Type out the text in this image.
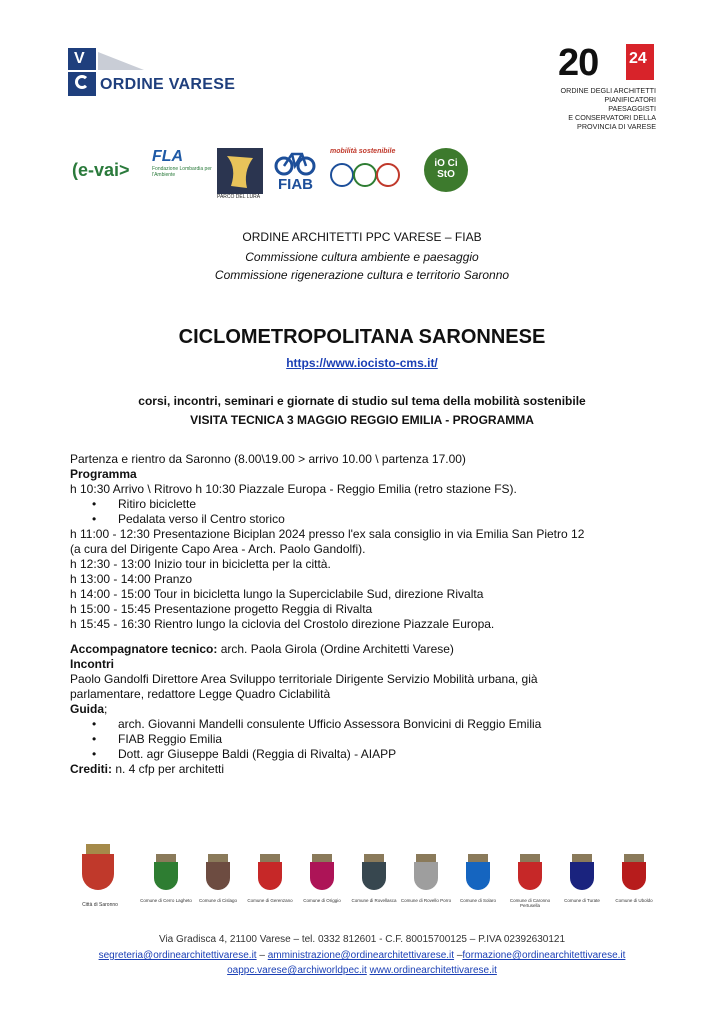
V
ORDINE VARESE
20 24
ORDINE DEGLI ARCHITETTI
PIANIFICATORI PAESAGGISTI
E CONSERVATORI DELLA
PROVINCIA DI VARESE
(e-vai>
FLA
Fondazione Lombardia per l'Ambiente
PARCO DEL LURA
FIAB
mobilità sostenibile
iO Ci StO
ORDINE ARCHITETTI PPC VARESE – FIAB
Commissione cultura ambiente e paesaggio
Commissione rigenerazione cultura e territorio Saronno
CICLOMETROPOLITANA SARONNESE
https://www.iocisto-cms.it/
corsi, incontri, seminari e giornate di studio sul tema della mobilità sostenibile
VISITA TECNICA 3 MAGGIO REGGIO EMILIA - PROGRAMMA

Partenza e rientro da Saronno (8.00\19.00 > arrivo 10.00 \ partenza 17.00)

Programma

h 10:30 Arrivo \ Ritrovo h 10:30 Piazzale Europa - Reggio Emilia (retro stazione FS).

• Ritiro biciclette
• Pedalata verso il Centro storico

h 11:00 - 12:30 Presentazione Biciplan 2024 presso l'ex sala consiglio in via Emilia San Pietro 12

(a cura del Dirigente Capo Area - Arch. Paolo Gandolfi).

h 12:30 - 13:00 Inizio tour in bicicletta per la città.

h 13:00 - 14:00 Pranzo

h 14:00 - 15:00 Tour in bicicletta lungo la Superciclabile Sud, direzione Rivalta

h 15:00 - 15:45 Presentazione progetto Reggia di Rivalta

h 15:45 - 16:30 Rientro lungo la ciclovia del Crostolo direzione Piazzale Europa.

Accompagnatore tecnico: arch. Paola Girola (Ordine Architetti Varese)

Incontri

Paolo Gandolfi Direttore Area Sviluppo territoriale Dirigente Servizio Mobilità urbana, già

parlamentare, redattore Legge Quadro Ciclabilità

Guida;

• arch. Giovanni Mandelli consulente Ufficio Assessora Bonvicini di Reggio Emilia
• FIAB Reggio Emilia
• Dott. agr Giuseppe Baldi (Reggia di Rivalta) - AIAPP

Crediti: n. 4 cfp per architetti

Città di Saronno
Comune di Cerro Lagheto	Comune di Cislago	Comune di Gerenzano	Comune di Origgio	Comune di Rovellasca Comune di Rovello Porro	Comune di Solaro	Comune di Caronno Pertusella
Comune di Turate	Comune di Uboldo
Via Gradisca 4, 21100 Varese – tel. 0332 812601 - C.F. 80015700125 – P.IVA 02392630121
segreteria@ordinearchitettivarese.it – amministrazione@ordinearchitettivarese.it –formazione@ordinearchitettivarese.it
oappc.varese@archiworldpec.it www.ordinearchitettivarese.it
